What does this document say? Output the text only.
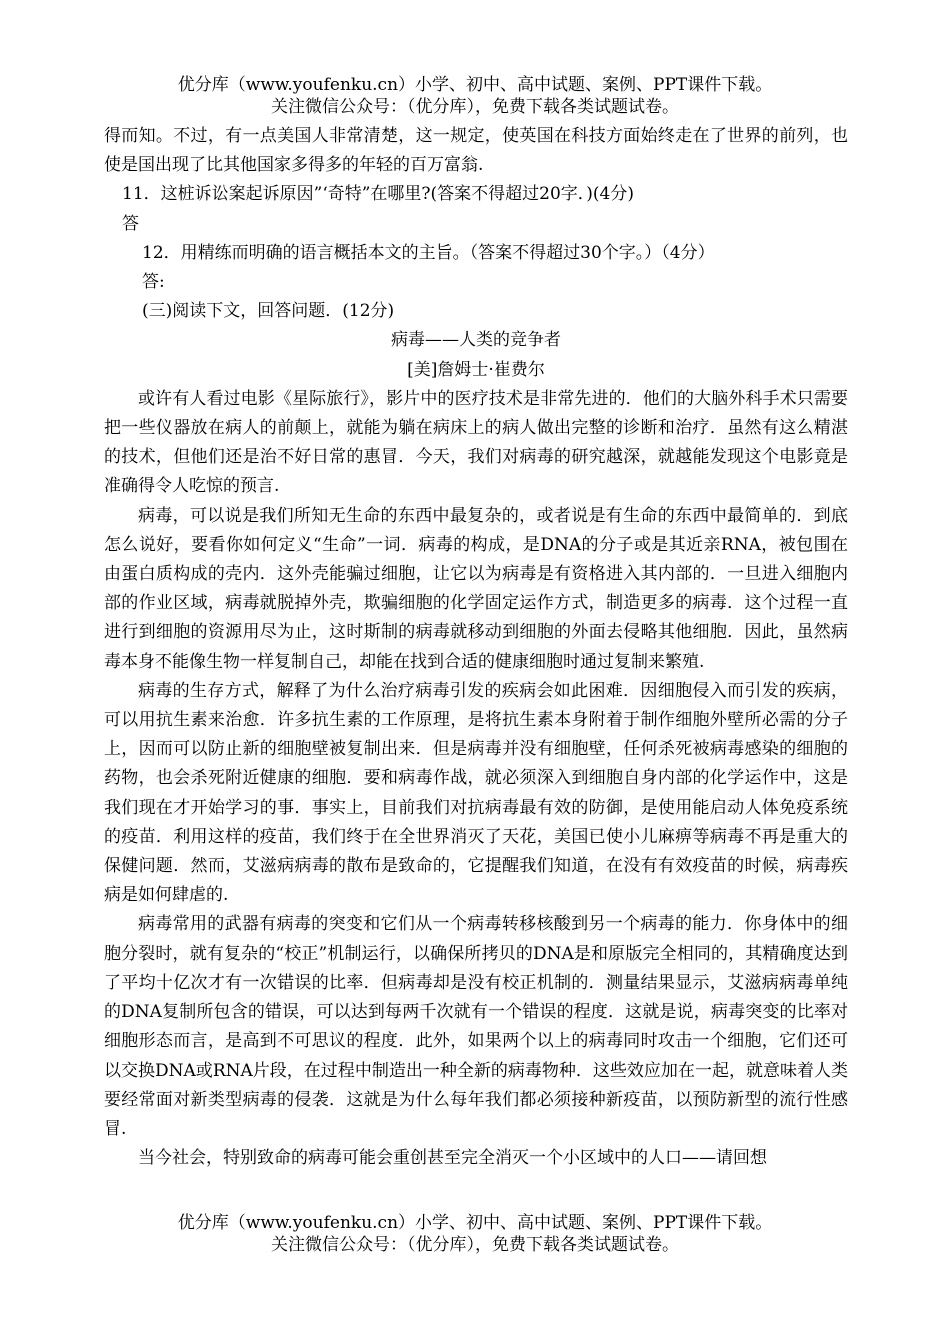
优分库（www.youfenku.cn）小学、初中、高中试题、案例、PPT课件下载。
关注微信公众号：（优分库），免费下载各类试题试卷。

得而知。不过，有一点美国人非常清楚，这一规定，使英国在科技方面始终走在了世界的前列，也使是国出现了比其他国家多得多的年轻的百万富翁.

11．这桩诉讼案起诉原因”‘奇特”在哪里?(答案不得超过20字．)(4分)

答

12．用精练而明确的语言概括本文的主旨。（答案不得超过30个字。）（4分）

答:

(三)阅读下文，回答问题．(12分)

病毒——人类的竞争者

[美]詹姆士·崔费尔

或许有人看过电影《星际旅行》，影片中的医疗技术是非常先进的．他们的大脑外科手术只需要把一些仪器放在病人的前颠上，就能为躺在病床上的病人做出完整的诊断和治疗．虽然有这么精湛的技术，但他们还是治不好日常的惠冒．今天，我们对病毒的研究越深，就越能发现这个电影竟是准确得令人吃惊的预言.

病毒，可以说是我们所知无生命的东西中最复杂的，或者说是有生命的东西中最简单的．到底怎么说好，要看你如何定义“生命”一词．病毒的构成，是DNA的分子或是其近亲RNA，被包围在由蛋白质构成的壳内．这外壳能骗过细胞，让它以为病毒是有资格进入其内部的．一旦进入细胞内部的作业区域，病毒就脱掉外壳，欺骗细胞的化学固定运作方式，制造更多的病毒．这个过程一直进行到细胞的资源用尽为止，这时斯制的病毒就移动到细胞的外面去侵略其他细胞．因此，虽然病毒本身不能像生物一样复制自己，却能在找到合适的健康细胞时通过复制来繁殖.

病毒的生存方式，解释了为什么治疗病毒引发的疾病会如此困难．因细胞侵入而引发的疾病，可以用抗生素来治愈．许多抗生素的工作原理，是将抗生素本身附着于制作细胞外壁所必需的分子上，因而可以防止新的细胞壁被复制出来．但是病毒并没有细胞壁，任何杀死被病毒感染的细胞的药物，也会杀死附近健康的细胞．要和病毒作战，就必须深入到细胞自身内部的化学运作中，这是我们现在才开始学习的事．事实上，目前我们对抗病毒最有效的防御，是使用能启动人体免疫系统的疫苗．利用这样的疫苗，我们终于在全世界消灭了天花，美国已使小儿麻痹等病毒不再是重大的保健问题．然而，艾滋病病毒的散布是致命的，它提醒我们知道，在没有有效疫苗的时候，病毒疾病是如何肆虐的.

病毒常用的武器有病毒的突变和它们从一个病毒转移核酸到另一个病毒的能力．你身体中的细胞分裂时，就有复杂的“校正”机制运行，以确保所拷贝的DNA是和原版完全相同的，其精确度达到了平均十亿次才有一次错误的比率．但病毒却是没有校正机制的．测量结果显示，艾滋病病毒单纯的DNA复制所包含的错误，可以达到每两千次就有一个错误的程度．这就是说，病毒突变的比率对细胞形态而言，是高到不可思议的程度．此外，如果两个以上的病毒同时攻击一个细胞，它们还可以交换DNA或RNA片段，在过程中制造出一种全新的病毒物种．这些效应加在一起，就意味着人类要经常面对新类型病毒的侵袭．这就是为什么每年我们都必须接种新疫苗，以预防新型的流行性感冒.

当今社会，特别致命的病毒可能会重创甚至完全消灭一个小区域中的人口——请回想

优分库（www.youfenku.cn）小学、初中、高中试题、案例、PPT课件下载。
关注微信公众号：（优分库），免费下载各类试题试卷。
